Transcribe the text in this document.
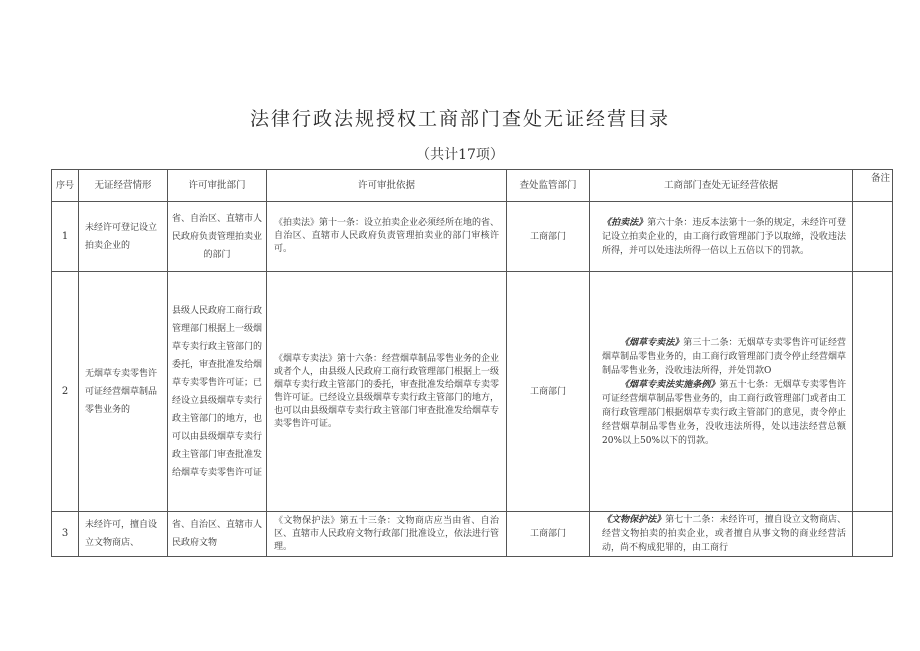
法律行政法规授权工商部门查处无证经营目录
（共计17项）
序号	无证经营情形	许可审批部门	许可审批依据	查处监管部门	工商部门查处无证经营依据	备注
1	未经许可登记设立拍卖企业的	省、自治区、直辖市人民政府负责管理拍卖业的部门	《拍卖法》第十一条：设立拍卖企业必须经所在地的省、自治区、直辖市人民政府负责管理拍卖业的部门审核许可。	工商部门	《拍卖法》第六十条：违反本法第十一条的规定，未经许可登记设立拍卖企业的，由工商行政管理部门予以取缔，没收违法所得，并可以处违法所得一倍以上五倍以下的罚款。	
2	无烟草专卖零售许可证经营烟草制品零售业务的	县级人民政府工商行政管理部门根据上一级烟草专卖行政主管部门的委托，审查批准发给烟草专卖零售许可证；已经设立县级烟草专卖行政主管部门的地方，也可以由县级烟草专卖行政主管部门审查批准发给烟草专卖零售许可证	《烟草专卖法》第十六条：经营烟草制品零售业务的企业或者个人，由县级人民政府工商行政管理部门根据上一级烟草专卖行政主管部门的委托，审查批准发给烟草专卖零售许可证。已经设立县级烟草专卖行政主管部门的地方，也可以由县级烟草专卖行政主管部门审查批准发给烟草专卖零售许可证。	工商部门	《烟草专卖法》第三十二条：无烟草专卖零售许可证经营烟草制品零售业务的，由工商行政管理部门责令停止经营烟草制品零售业务，没收违法所得，并处罚款O
《烟草专卖法实施条例》第五十七条：无烟草专卖零售许可证经营烟草制品零售业务的，由工商行政管理部门或者由工商行政管理部门根据烟草专卖行政主管部门的意见，责令停止经营烟草制品零售业务，没收违法所得，处以违法经营总额20%以上50%以下的罚款。	

3	未经许可，擅自设立文物商店、	省、自治区、直辖市人民政府文物	《文物保护法》第五十三条：文物商店应当由省、自治区、直辖市人民政府文物行政部门批准设立，依法进行管理。	工商部门	《文物保护法》第七十二条：未经许可，擅自设立文物商店、经营文物拍卖的拍卖企业，或者擅自从事文物的商业经营活动，尚不构成犯罪的，由工商行	
